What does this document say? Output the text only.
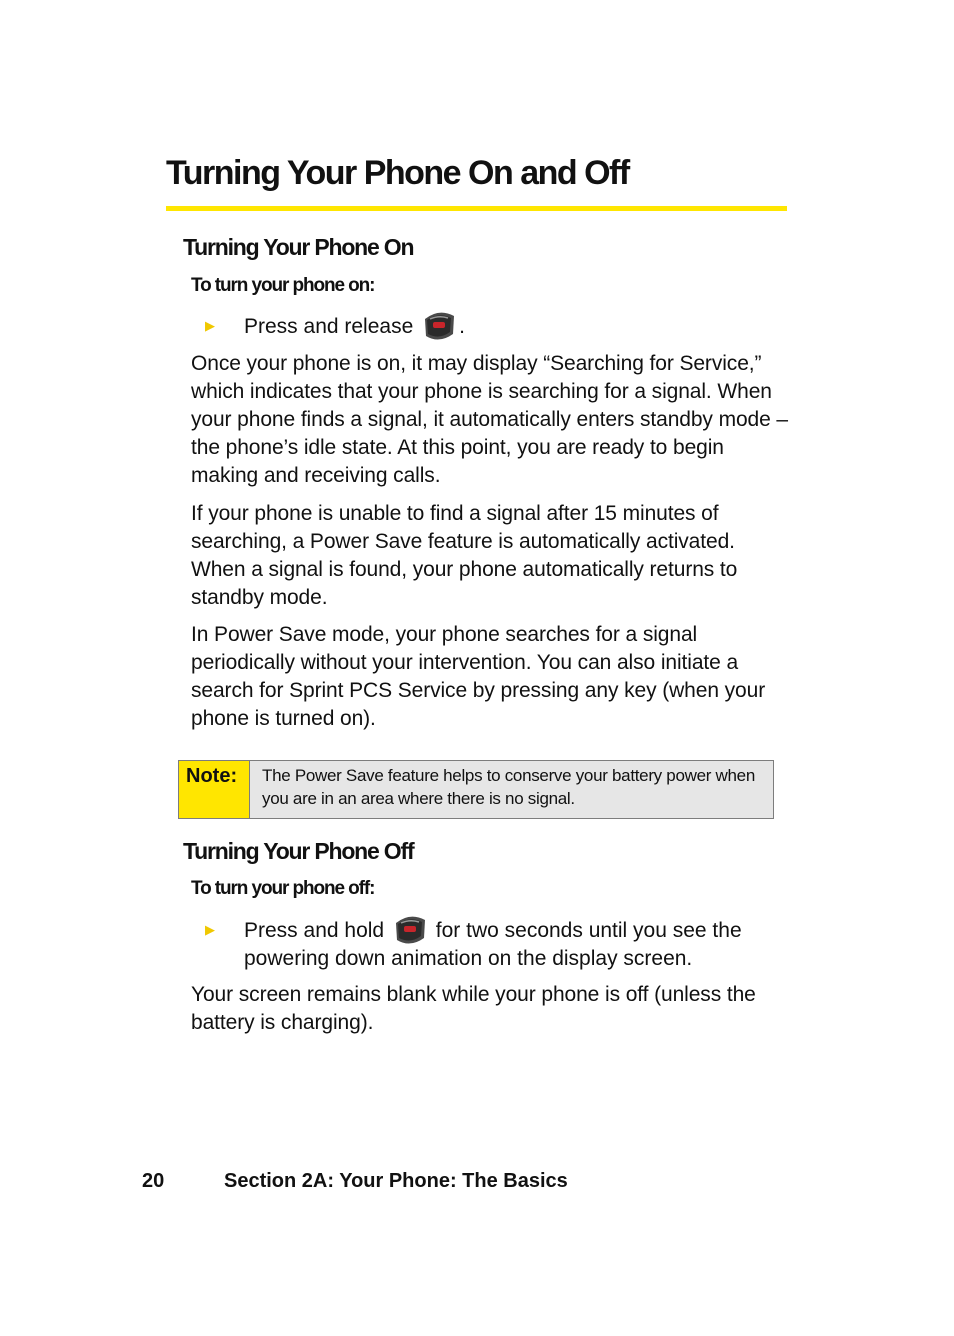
Turning Your Phone On and Off
Turning Your Phone On
To turn your phone on:
▶ Press and release .

Once your phone is on, it may display “Searching for Service,” which indicates that your phone is searching for a signal. When your phone finds a signal, it automatically enters standby mode – the phone’s idle state. At this point, you are ready to begin making and receiving calls.

If your phone is unable to find a signal after 15 minutes of searching, a Power Save feature is automatically activated. When a signal is found, your phone automatically returns to standby mode.

In Power Save mode, your phone searches for a signal periodically without your intervention. You can also initiate a search for Sprint PCS Service by pressing any key (when your phone is turned on).

Note:	The Power Save feature helps to conserve your battery power when you are in an area where there is no signal.
Turning Your Phone Off
To turn your phone off:
▶ Press and hold for two seconds until you see the powering down animation on the display screen.

Your screen remains blank while your phone is off (unless the battery is charging).

20	Section 2A: Your Phone: The Basics
